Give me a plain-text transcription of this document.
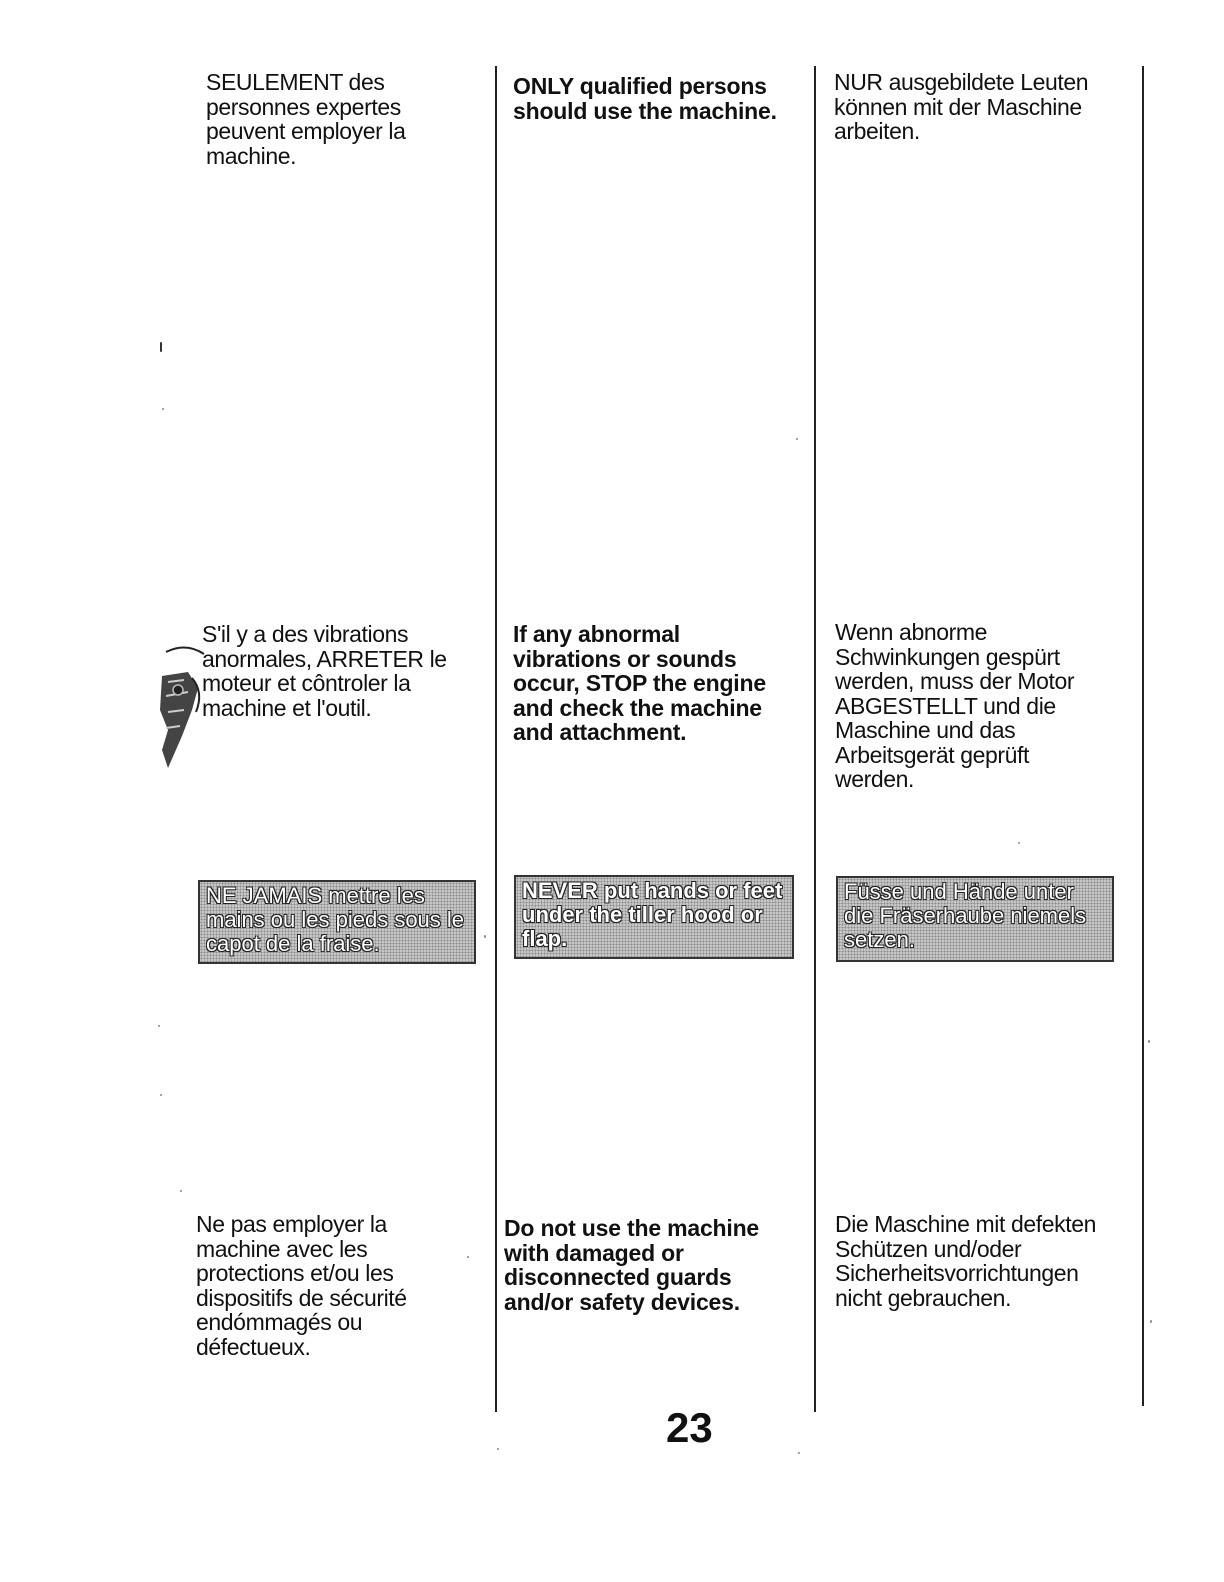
SEULEMENT des personnes expertes peuvent employer la machine.
ONLY qualified persons should use the machine.
NUR ausgebildete Leuten können mit der Maschine arbeiten.
S'il y a des vibrations anormales, ARRETER le moteur et côntroler la machine et l'outil.
If any abnormal vibrations or sounds occur, STOP the engine and check the machine and attachment.
Wenn abnorme Schwinkungen gespürt werden, muss der Motor ABGESTELLT und die Maschine und das Arbeitsgerät geprüft werden.
NE JAMAIS mettre les mains ou les pieds sous le capot de la fraise.
NEVER put hands or feet under the tiller hood or flap.
Füsse und Hände unter die Fräserhaube niemels setzen.
Ne pas employer la machine avec les protections et/ou les dispositifs de sécurité endómmagés ou défectueux.
Do not use the machine with damaged or disconnected guards and/or safety devices.
Die Maschine mit defekten Schützen und/oder Sicherheitsvorrichtungen nicht gebrauchen.
23
